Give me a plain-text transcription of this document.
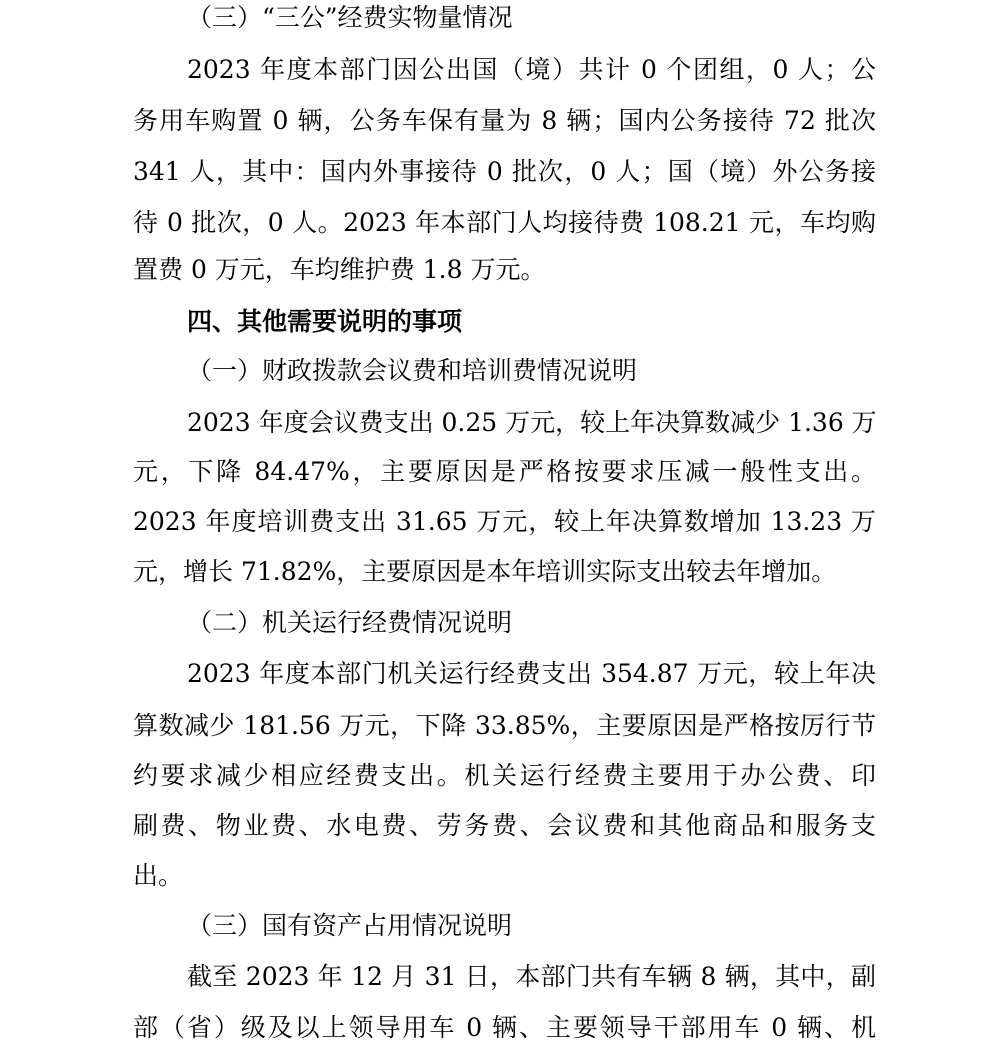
（三）“三公”经费实物量情况
2023 年度本部门因公出国（境）共计 0 个团组，0 人；公
务用车购置 0 辆，公务车保有量为 8 辆；国内公务接待 72 批次
341 人，其中：国内外事接待 0 批次，0 人；国（境）外公务接
待 0 批次，0 人。2023 年本部门人均接待费 108.21 元，车均购
置费 0 万元，车均维护费 1.8 万元。
四、其他需要说明的事项
（一）财政拨款会议费和培训费情况说明
2023 年度会议费支出 0.25 万元，较上年决算数减少 1.36 万
元，下降 84.47%，主要原因是严格按要求压减一般性支出。
2023 年度培训费支出 31.65 万元，较上年决算数增加 13.23 万
元，增长 71.82%，主要原因是本年培训实际支出较去年增加。
（二）机关运行经费情况说明
2023 年度本部门机关运行经费支出 354.87 万元，较上年决
算数减少 181.56 万元，下降 33.85%，主要原因是严格按厉行节
约要求减少相应经费支出。机关运行经费主要用于办公费、印
刷费、物业费、水电费、劳务费、会议费和其他商品和服务支
出。
（三）国有资产占用情况说明
截至 2023 年 12 月 31 日，本部门共有车辆 8 辆，其中，副
部（省）级及以上领导用车 0 辆、主要领导干部用车 0 辆、机
